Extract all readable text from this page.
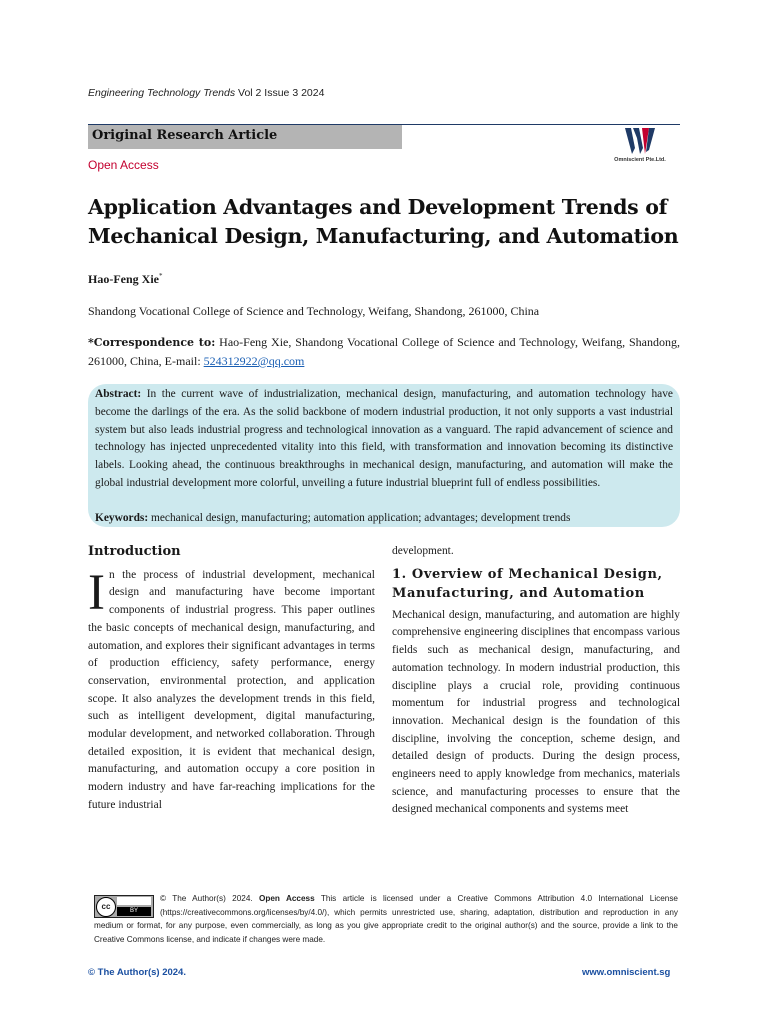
Engineering Technology Trends Vol 2 Issue 3 2024
Original Research Article
Omniscient Pte.Ltd.
Open Access
Application Advantages and Development Trends of Mechanical Design, Manufacturing, and Automation
Hao-Feng Xie*
Shandong Vocational College of Science and Technology, Weifang, Shandong, 261000, China
*Correspondence to: Hao-Feng Xie, Shandong Vocational College of Science and Technology, Weifang, Shandong, 261000, China, E-mail: 524312922@qq.com
Abstract: In the current wave of industrialization, mechanical design, manufacturing, and automation technology have become the darlings of the era. As the solid backbone of modern industrial production, it not only supports a vast industrial system but also leads industrial progress and technological innovation as a vanguard. The rapid advancement of science and technology has injected unprecedented vitality into this field, with transformation and innovation becoming its distinctive labels. Looking ahead, the continuous breakthroughs in mechanical design, manufacturing, and automation will make the global industrial development more colorful, unveiling a future industrial blueprint full of endless possibilities.
Keywords: mechanical design, manufacturing; automation application; advantages; development trends
Introduction
In the process of industrial development, mechanical design and manufacturing have become important components of industrial progress. This paper outlines the basic concepts of mechanical design, manufacturing, and automation, and explores their significant advantages in terms of production efficiency, safety performance, energy conservation, environmental protection, and application scope. It also analyzes the development trends in this field, such as intelligent development, digital manufacturing, modular development, and networked collaboration. Through detailed exposition, it is evident that mechanical design, manufacturing, and automation occupy a core position in modern industry and have far-reaching implications for the future industrial
development.
1. Overview of Mechanical Design, Manufacturing, and Automation
Mechanical design, manufacturing, and automation are highly comprehensive engineering disciplines that encompass various fields such as mechanical design, manufacturing, and automation technology. In modern industrial production, this discipline plays a crucial role, providing continuous momentum for industrial progress and technological innovation. Mechanical design is the foundation of this discipline, involving the conception, scheme design, and detailed design of products. During the design process, engineers need to apply knowledge from mechanics, materials science, and manufacturing processes to ensure that the designed mechanical components and systems meet
cc	BY
© The Author(s) 2024. Open Access This article is licensed under a Creative Commons Attribution 4.0 International License (https://creativecommons.org/licenses/by/4.0/), which permits unrestricted use, sharing, adaptation, distribution and reproduction in any medium or format, for any purpose, even commercially, as long as you give appropriate credit to the original author(s) and the source, provide a link to the Creative Commons license, and indicate if changes were made.
© The Author(s) 2024.	www.omniscient.sg
